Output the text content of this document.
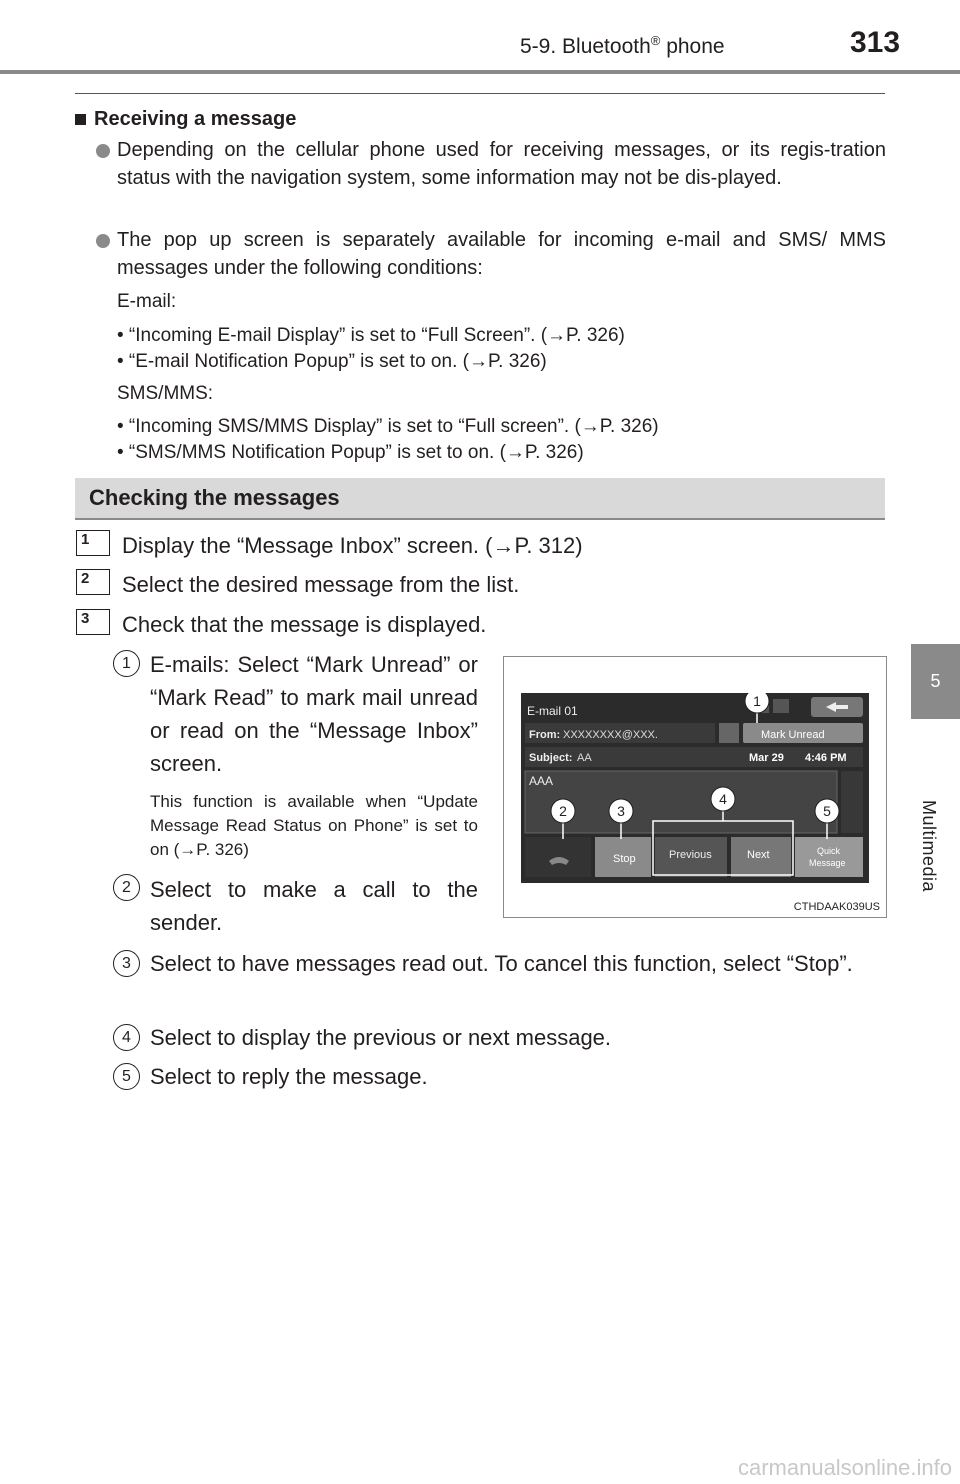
5-9. Bluetooth® phone	313
5
Multimedia
Receiving a message
Depending on the cellular phone used for receiving messages, or its regis-tration status with the navigation system, some information may not be dis-played.
The pop up screen is separately available for incoming e-mail and SMS/ MMS messages under the following conditions:
E-mail:
• “Incoming E-mail Display” is set to “Full Screen”. (→P. 326)
• “E-mail Notification Popup” is set to on. (→P. 326)
SMS/MMS:
• “Incoming SMS/MMS Display” is set to “Full screen”. (→P. 326)
• “SMS/MMS Notification Popup” is set to on. (→P. 326)
Checking the messages
1	Display the “Message Inbox” screen. (→P. 312)
2	Select the desired message from the list.
3	Check that the message is displayed.
1 E-mails: Select “Mark Unread” or “Mark Read” to mark mail unread or read on the “Message Inbox” screen.
This function is available when “Update Message Read Status on Phone” is set to on (→P. 326)
2 Select to make a call to the sender.
3 Select to have messages read out. To cancel this function, select “Stop”.
4 Select to display the previous or next message.
5 Select to reply the message.
E-mail 01
From: XXXXXXXX@XXX.	Mark Unread
Subject: AA	Mar 29 4:46 PM
AAA
Stop	Previous	Next	Quick
Message
1
2	3
4
5
CTHDAAK039US
carmanualsonline.info
